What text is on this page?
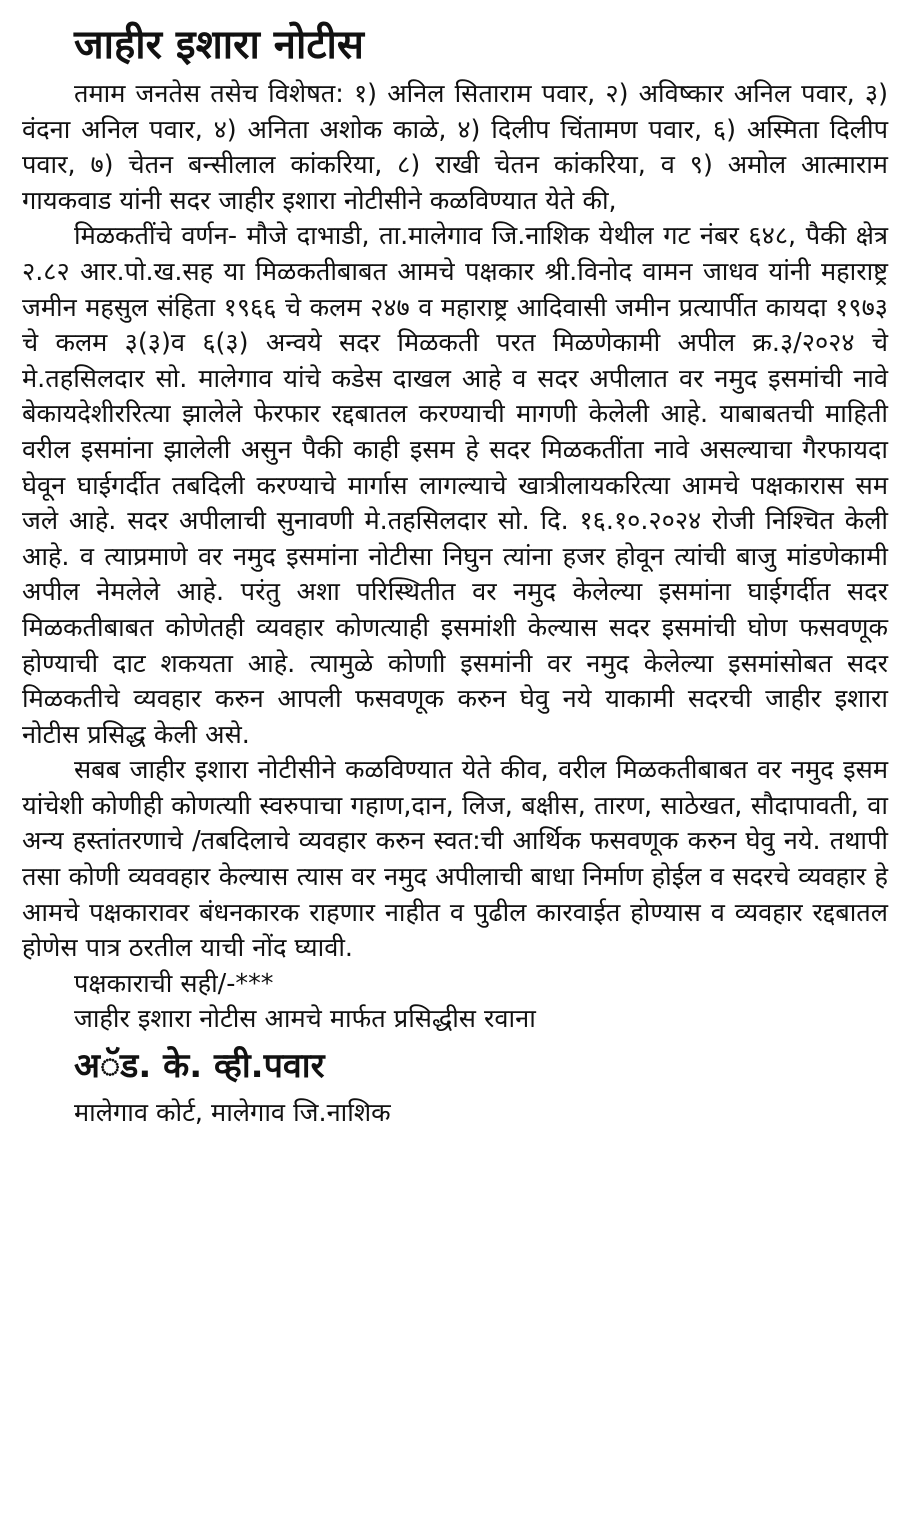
जाहीर इशारा नोटीस

तमाम जनतेस तसेच विशेषत: १) अनिल सिताराम पवार, २) अविष्कार अनिल पवार, ३) वंदना अनिल पवार, ४) अनिता अशोक काळे, ४) दिलीप चिंतामण पवार, ६) अस्मिता दिलीप पवार, ७) चेतन बन्सीलाल कांकरिया, ८) राखी चेतन कांकरिया, व ९) अमोल आत्माराम गायकवाड यांनी सदर जाहीर इशारा नोटीसीने कळविण्यात येते की,

मिळकतींचे वर्णन- मौजे दाभाडी, ता.मालेगाव जि.नाशिक येथील गट नंबर ६४८, पैकी क्षेत्र २.८२ आर.पो.ख.सह या मिळकतीबाबत आमचे पक्षकार श्री.विनोद वामन जाधव यांनी महाराष्ट्र जमीन महसुल संहिता १९६६ चे कलम २४७ व महाराष्ट्र आदिवासी जमीन प्रत्यार्पीत कायदा १९७३ चे कलम ३(३)व ६(३) अन्वये सदर मिळकती परत मिळणेकामी अपील क्र.३/२०२४ चे मे.तहसिलदार सो. मालेगाव यांचे कडेस दाखल आहे व सदर अपीलात वर नमुद इसमांची नावे बेकायदेशीररित्या झालेले फेरफार रद्दबातल करण्याची मागणी केलेली आहे. याबाबतची माहिती वरील इसमांना झालेली असुन पैकी काही इसम हे सदर मिळकतींता नावे असल्याचा गैरफायदा घेवून घाईगर्दीत तबदिली करण्याचे मार्गास लागल्याचे खात्रीलायकरित्या आमचे पक्षकारास सम जले आहे. सदर अपीलाची सुनावणी मे.तहसिलदार सो. दि. १६.१०.२०२४ रोजी निश्चित केली आहे. व त्याप्रमाणे वर नमुद इसमांना नोटीसा निघुन त्यांना हजर होवून त्यांची बाजु मांडणेकामी अपील नेमलेले आहे. परंतु अशा परिस्थितीत वर नमुद केलेल्या इसमांना घाईगर्दीत सदर मिळकतीबाबत कोणेतही व्यवहार कोणत्याही इसमांशी केल्यास सदर इसमांची घोण फसवणूक होण्याची दाट शकयता आहे. त्यामुळे कोणाी इसमांनी वर नमुद केलेल्या इसमांसोबत सदर मिळकतीचे व्यवहार करुन आपली फसवणूक करुन घेवु नये याकामी सदरची जाहीर इशारा नोटीस प्रसिद्ध केली असे.

सबब जाहीर इशारा नोटीसीने कळविण्यात येते कीव, वरील मिळकतीबाबत वर नमुद इसम यांचेशी कोणीही कोणत्याी स्वरुपाचा गहाण,दान, लिज, बक्षीस, तारण, साठेखत, सौदापावती, वा अन्य हस्तांतरणाचे /तबदिलाचे व्यवहार करुन स्वत:ची आर्थिक फसवणूक करुन घेवु नये. तथापी तसा कोणी व्यववहार केल्यास त्यास वर नमुद अपीलाची बाधा निर्माण होईल व सदरचे व्यवहार हे आमचे पक्षकारावर बंधनकारक राहणार नाहीत व पुढील कारवाईत होण्यास व व्यवहार रद्दबातल होणेस पात्र ठरतील याची नोंद घ्यावी.

पक्षकाराची सही/-***
जाहीर इशारा नोटीस आमचे मार्फत प्रसिद्धीस रवाना
अॅड. के. व्ही.पवार
मालेगाव कोर्ट, मालेगाव जि.नाशिक
